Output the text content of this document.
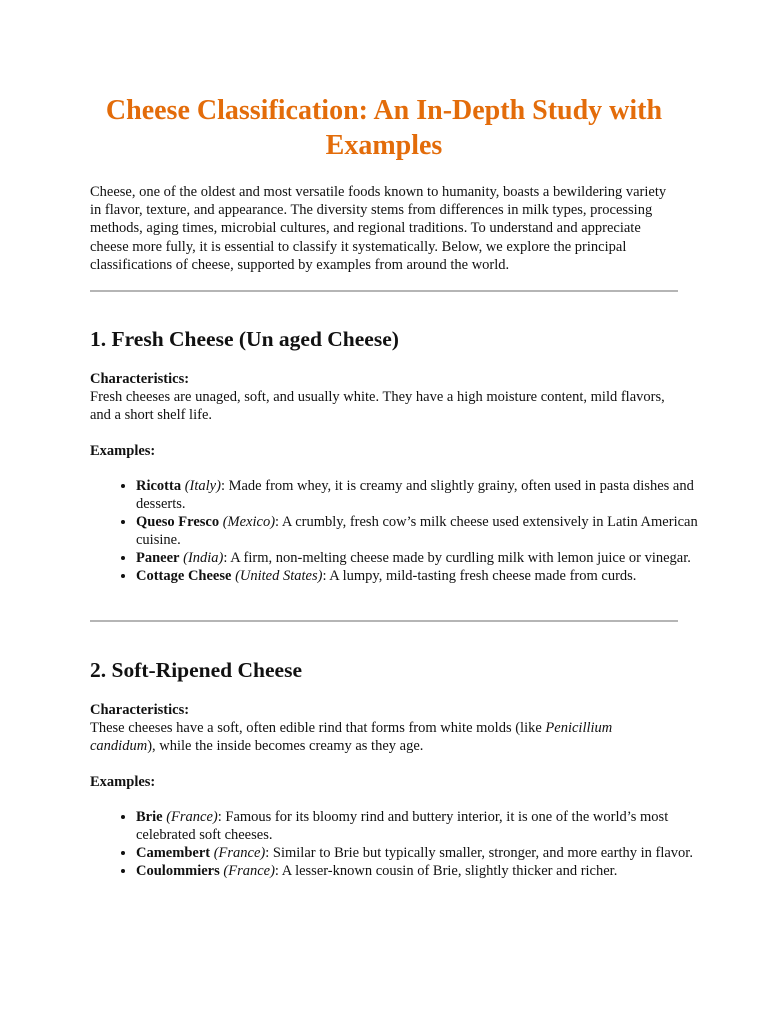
Cheese Classification: An In-Depth Study with Examples

Cheese, one of the oldest and most versatile foods known to humanity, boasts a bewildering variety in flavor, texture, and appearance. The diversity stems from differences in milk types, processing methods, aging times, microbial cultures, and regional traditions. To understand and appreciate cheese more fully, it is essential to classify it systematically. Below, we explore the principal classifications of cheese, supported by examples from around the world.

1. Fresh Cheese (Un aged Cheese)

Characteristics:

Fresh cheeses are unaged, soft, and usually white. They have a high moisture content, mild flavors, and a short shelf life.

Examples:

• Ricotta (Italy): Made from whey, it is creamy and slightly grainy, often used in pasta dishes and desserts.
• Queso Fresco (Mexico): A crumbly, fresh cow’s milk cheese used extensively in Latin American cuisine.
• Paneer (India): A firm, non-melting cheese made by curdling milk with lemon juice or vinegar.
• Cottage Cheese (United States): A lumpy, mild-tasting fresh cheese made from curds.
2. Soft-Ripened Cheese

Characteristics:

These cheeses have a soft, often edible rind that forms from white molds (like Penicillium candidum), while the inside becomes creamy as they age.

Examples:

• Brie (France): Famous for its bloomy rind and buttery interior, it is one of the world’s most celebrated soft cheeses.
• Camembert (France): Similar to Brie but typically smaller, stronger, and more earthy in flavor.
• Coulommiers (France): A lesser-known cousin of Brie, slightly thicker and richer.
